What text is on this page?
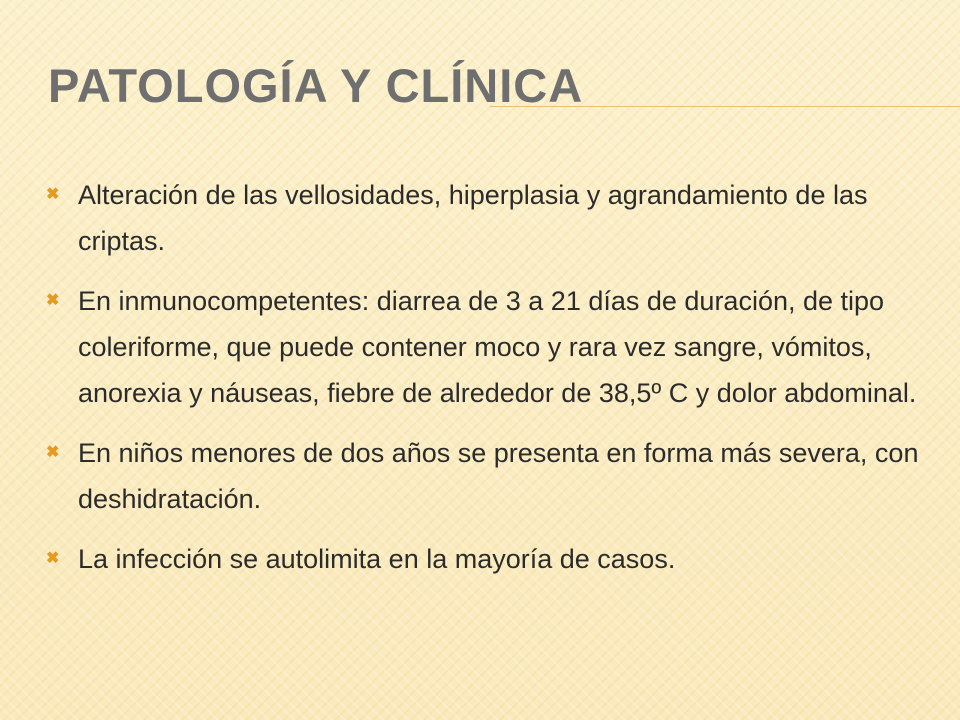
PATOLOGÍA Y CLÍNICA
✖ Alteración de las vellosidades, hiperplasia y agrandamiento de las criptas.
✖ En inmunocompetentes: diarrea de 3 a 21 días de duración, de tipo coleriforme, que puede contener moco y rara vez sangre, vómitos, anorexia y náuseas, fiebre de alrededor de 38,5º C y dolor abdominal.
✖ En niños menores de dos años se presenta en forma más severa, con deshidratación.
✖ La infección se autolimita en la mayoría de casos.
